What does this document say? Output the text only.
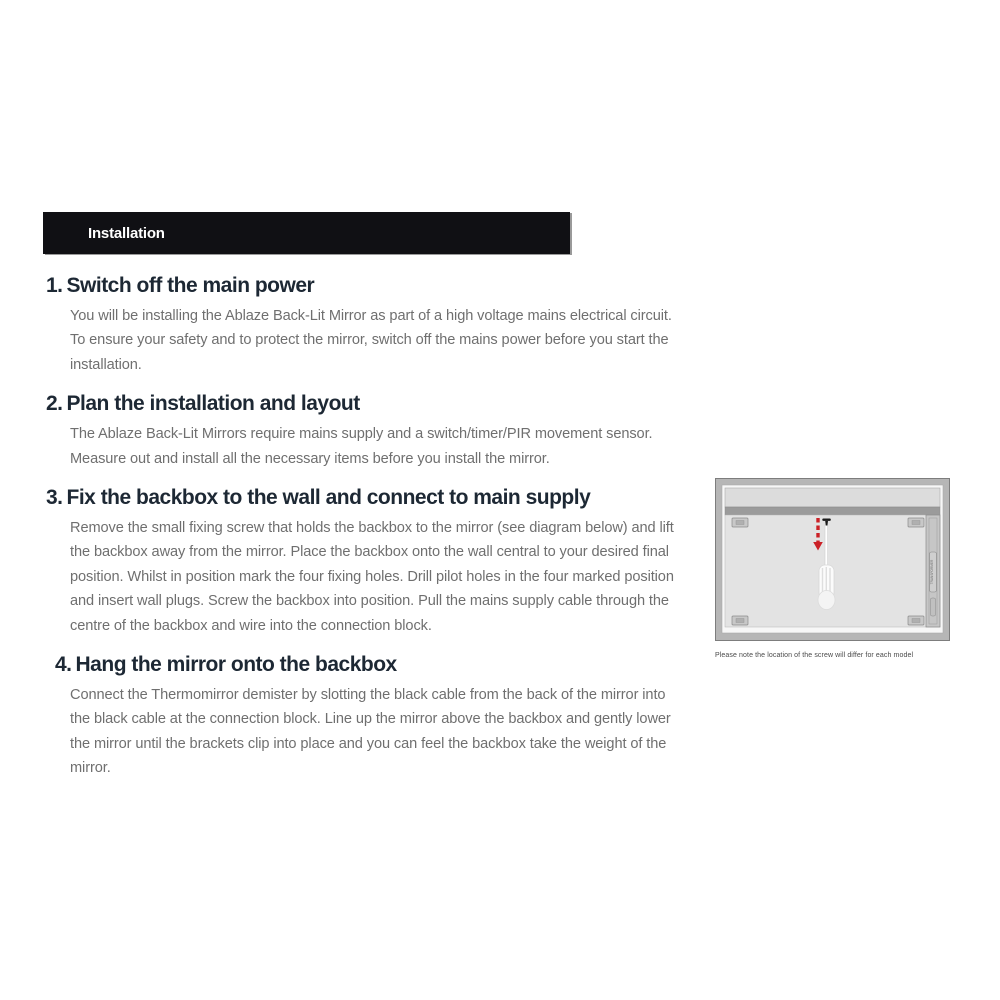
Installation
1. Switch off the main power
You will be installing the Ablaze Back-Lit Mirror as part of a high voltage mains electrical circuit. To ensure your safety and to protect the mirror, switch off the mains power before you start the installation.
2. Plan the installation and layout
The Ablaze Back-Lit Mirrors require mains supply and a switch/timer/PIR movement sensor. Measure out and install all the necessary items before you install the mirror.
3. Fix the backbox to the wall and connect to main supply
Remove the small fixing screw that holds the backbox to the mirror (see diagram below) and lift the backbox away from the mirror. Place the backbox onto the wall central to your desired final position. Whilst in position mark the four fixing holes. Drill pilot holes in the four marked position and insert wall plugs. Screw the backbox into position. Pull the mains supply cable through the centre of the backbox and wire into the connection block.
4. Hang the mirror onto the backbox
Connect the Thermomirror demister by slotting the black cable from the back of the mirror into the black cable at the connection block. Line up the mirror above the backbox and gently lower the mirror until the brackets clip into place and you can feel the backbox take the weight of the mirror.
TRANSFORMER
Please note the location of the screw will differ for each model
